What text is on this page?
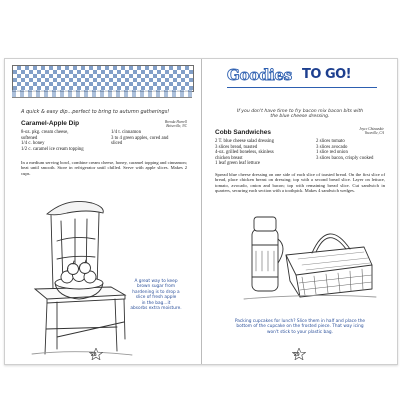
A quick & easy dip...perfect to bring to autumn gatherings!
Caramel-Apple Dip	Brenda Harrell
Boiseville, NC
8-oz. pkg. cream cheese,
softened
1/4 c. honey
1/2 c. caramel ice cream topping
1/4 t. cinnamon
3 to 4 green apples, cored and
sliced
In a medium serving bowl, combine cream cheese, honey, caramel topping and cinnamon; beat until smooth. Store in refrigerator until chilled. Serve with apple slices. Makes 2 cups.
A great way to keep
brown sugar from
hardening is to drop a
slice of fresh apple
in the bag...it
absorbs extra moisture.
28
Goodies TO GO!
If you don't have time to fry bacon mix bacon bits with
the blue cheese dressing.
Cobb Sandwiches	Joyce Chizauskie
Vacaville, CA
2 T. blue cheese salad dressing
3 slices bread, toasted
4-oz. grilled boneless, skinless
chicken breast
1 leaf green leaf lettuce
2 slices tomato
3 slices avocado
1 slice red onion
3 slices bacon, crisply cooked
Spread blue cheese dressing on one side of each slice of toasted bread. On the first slice of bread, place chicken breast on dressing; top with a second bread slice. Layer on lettuce, tomato, avocado, onion and bacon; top with remaining bread slice. Cut sandwich in quarters, securing each section with a toothpick. Makes 4 sandwich wedges.
Packing cupcakes for lunch? Slice them in half and place the
bottom of the cupcake on the frosted piece. That way icing
won't stick to your plastic bag.
29
